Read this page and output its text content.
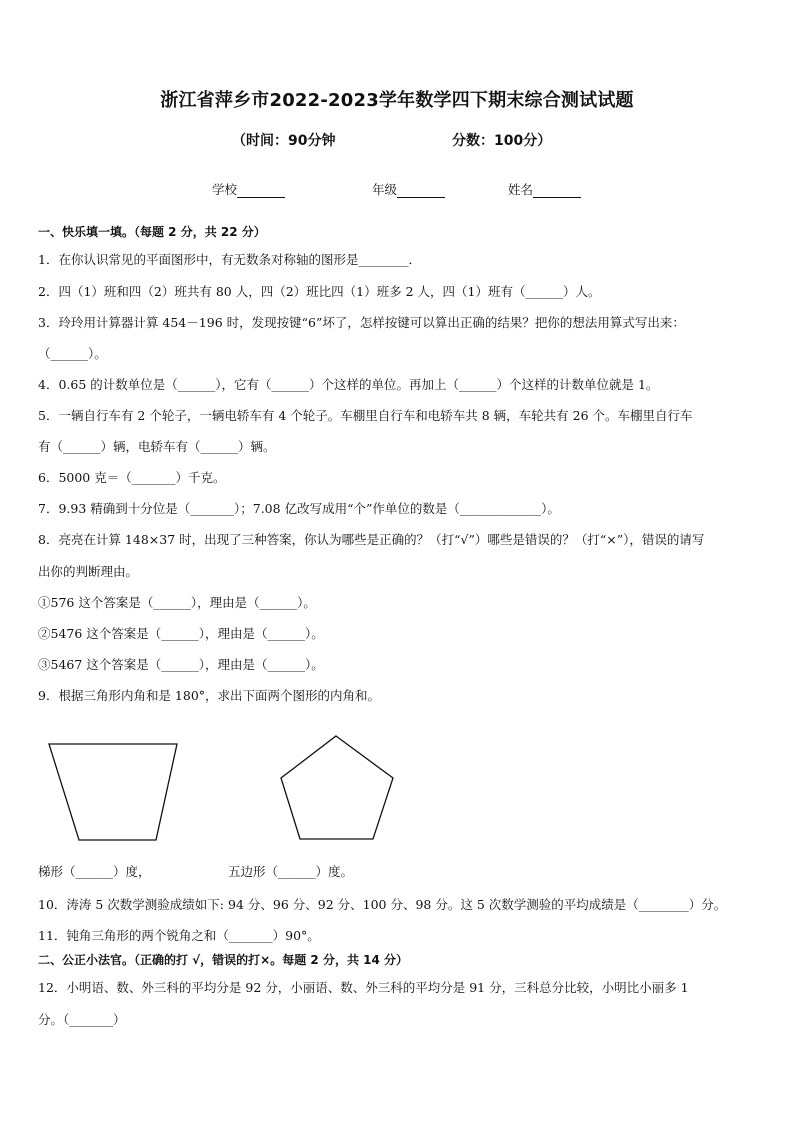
浙江省萍乡市2022-2023学年数学四下期末综合测试试题
（时间：90分钟	分数：100分）
学校	年级	姓名
一、快乐填一填。（每题 2 分，共 22 分）
1．在你认识常见的平面图形中，有无数条对称轴的图形是________．
2．四（1）班和四（2）班共有 80 人，四（2）班比四（1）班多 2 人，四（1）班有（______）人。
3．玲玲用计算器计算 454－196 时，发现按键“6”坏了，怎样按键可以算出正确的结果？把你的想法用算式写出来：
（______）。
4．0.65 的计数单位是（______），它有（______）个这样的单位。再加上（______）个这样的计数单位就是 1。
5．一辆自行车有 2 个轮子，一辆电轿车有 4 个轮子。车棚里自行车和电轿车共 8 辆，车轮共有 26 个。车棚里自行车
有（______）辆，电轿车有（______）辆。
6．5000 克＝（_______）千克。
7．9.93 精确到十分位是（_______）；7.08 亿改写成用“个”作单位的数是（_____________）。
8．亮亮在计算 148×37 时，出现了三种答案，你认为哪些是正确的？（打“√”）哪些是错误的？（打“×”），错误的请写
出你的判断理由。
①576 这个答案是（______），理由是（______）。
②5476 这个答案是（______），理由是（______）。
③5467 这个答案是（______），理由是（______）。
9．根据三角形内角和是 180°，求出下面两个图形的内角和。
梯形（______）度，	五边形（______）度。
10．涛涛 5 次数学测验成绩如下: 94 分、96 分、92 分、100 分、98 分。这 5 次数学测验的平均成绩是（________）分。
11．钝角三角形的两个锐角之和（_______）90°。
二、公正小法官。（正确的打 √，错误的打×。每题 2 分，共 14 分）
12．小明语、数、外三科的平均分是 92 分，小丽语、数、外三科的平均分是 91 分，三科总分比较，小明比小丽多 1
分。（_______）
